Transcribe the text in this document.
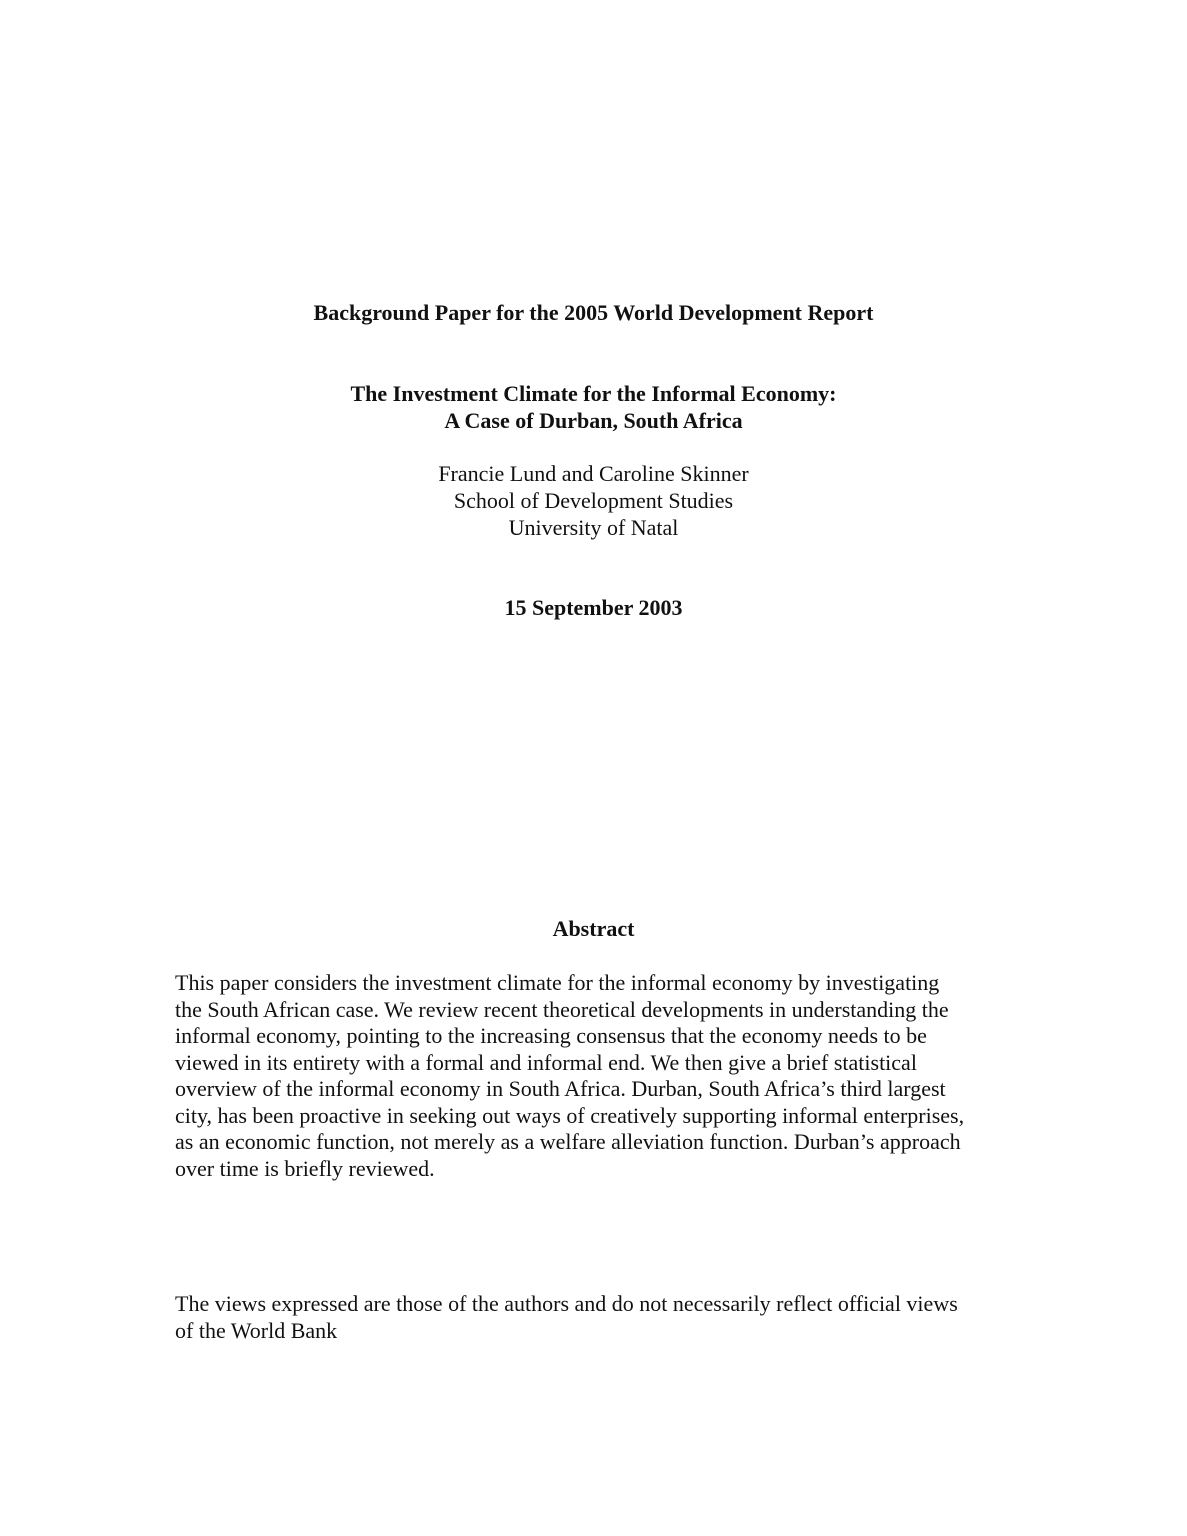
Background Paper for the 2005 World Development Report
The Investment Climate for the Informal Economy:
A Case of Durban, South Africa
Francie Lund and Caroline Skinner
School of Development Studies
University of Natal
15 September 2003
Abstract
This paper considers the investment climate for the informal economy by investigating
the South African case. We review recent theoretical developments in understanding the
informal economy, pointing to the increasing consensus that the economy needs to be
viewed in its entirety with a formal and informal end. We then give a brief statistical
overview of the informal economy in South Africa. Durban, South Africa’s third largest
city, has been proactive in seeking out ways of creatively supporting informal enterprises,
as an economic function, not merely as a welfare alleviation function. Durban’s approach
over time is briefly reviewed.
The views expressed are those of the authors and do not necessarily reflect official views
of the World Bank
